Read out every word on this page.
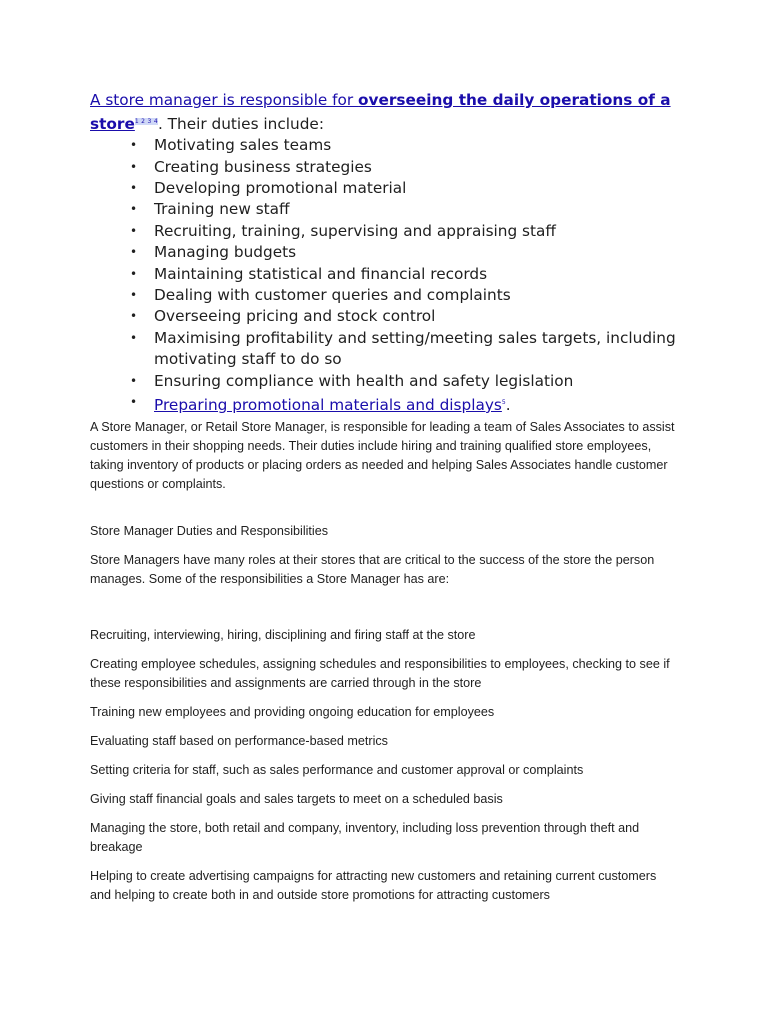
A store manager is responsible for overseeing the daily operations of a store$^{1 2 3 4}$. Their duties include:

• Motivating sales teams
• Creating business strategies
• Developing promotional material
• Training new staff
• Recruiting, training, supervising and appraising staff
• Managing budgets
• Maintaining statistical and financial records
• Dealing with customer queries and complaints
• Overseeing pricing and stock control
• Maximising profitability and setting/meeting sales targets, including motivating staff to do so
• Ensuring compliance with health and safety legislation
• Preparing promotional materials and displays$^5$.

A Store Manager, or Retail Store Manager, is responsible for leading a team of Sales Associates to assist customers in their shopping needs. Their duties include hiring and training qualified store employees, taking inventory of products or placing orders as needed and helping Sales Associates handle customer questions or complaints.

Store Manager Duties and Responsibilities

Store Managers have many roles at their stores that are critical to the success of the store the person manages. Some of the responsibilities a Store Manager has are:

Recruiting, interviewing, hiring, disciplining and firing staff at the store

Creating employee schedules, assigning schedules and responsibilities to employees, checking to see if these responsibilities and assignments are carried through in the store

Training new employees and providing ongoing education for employees

Evaluating staff based on performance-based metrics

Setting criteria for staff, such as sales performance and customer approval or complaints

Giving staff financial goals and sales targets to meet on a scheduled basis

Managing the store, both retail and company, inventory, including loss prevention through theft and breakage

Helping to create advertising campaigns for attracting new customers and retaining current customers and helping to create both in and outside store promotions for attracting customers
